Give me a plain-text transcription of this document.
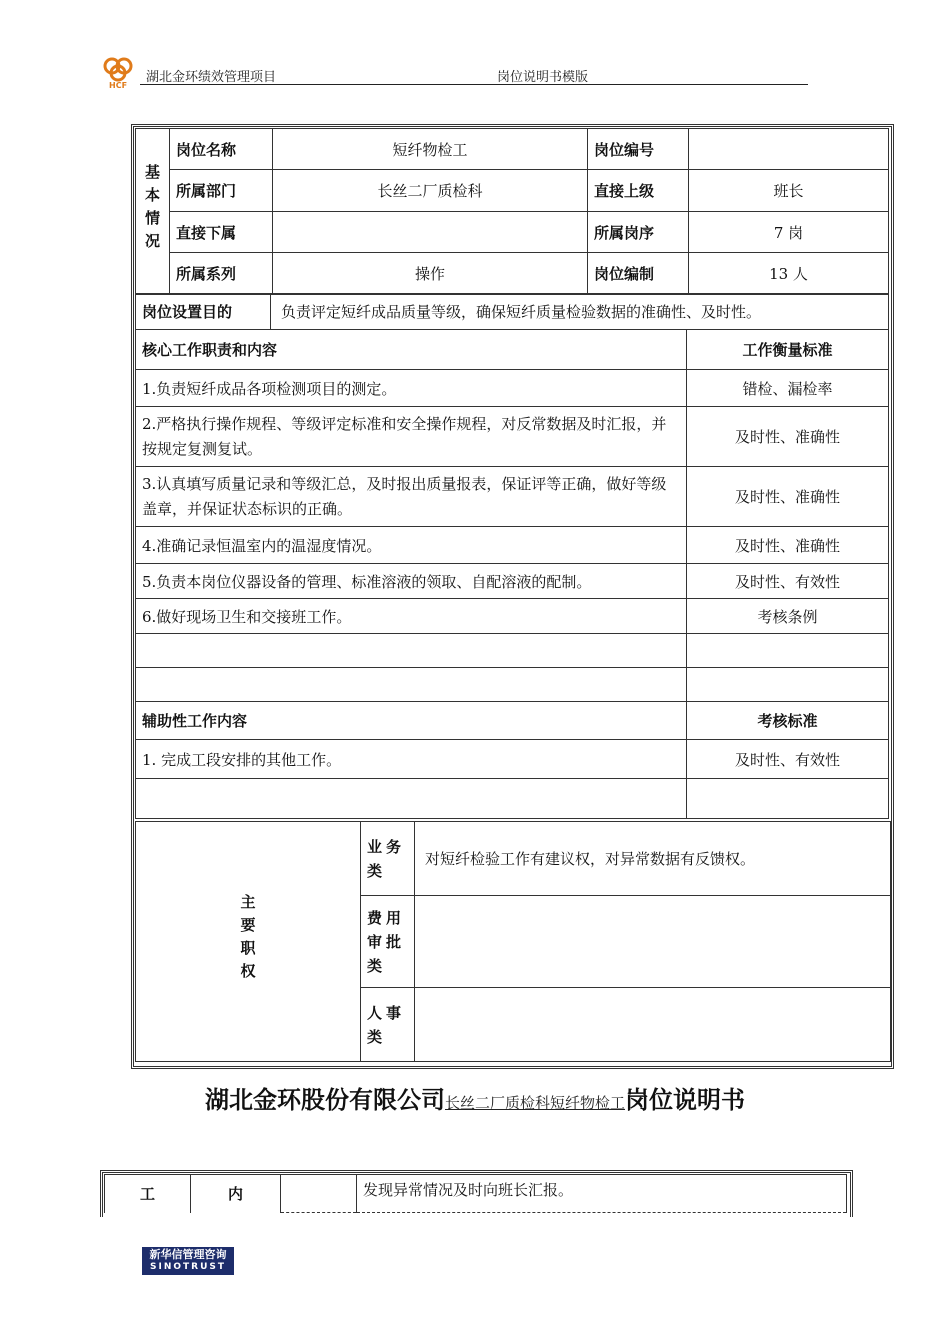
HCF
湖北金环绩效管理项目	岗位说明书模版
基本情况	岗位名称	短纤物检工	岗位编号	
	所属部门	长丝二厂质检科	直接上级	班长
	直接下属		所属岗序	7 岗
	所属系列	操作	岗位编制	13 人
岗位设置目的	负责评定短纤成品质量等级，确保短纤质量检验数据的准确性、及时性。	
核心工作职责和内容		工作衡量标准
1.负责短纤成品各项检测项目的测定。		错检、漏检率
2.严格执行操作规程、等级评定标准和安全操作规程，对反常数据及时汇报，并按规定复测复试。		及时性、准确性
3.认真填写质量记录和等级汇总，及时报出质量报表，保证评等正确，做好等级盖章，并保证状态标识的正确。		及时性、准确性
4.准确记录恒温室内的温湿度情况。		及时性、准确性
5.负责本岗位仪器设备的管理、标准溶液的领取、自配溶液的配制。		及时性、有效性
6.做好现场卫生和交接班工作。		考核条例

辅助性工作内容		考核标准
1. 完成工段安排的其他工作。		及时性、有效性

主要职权	业务类	对短纤检验工作有建议权，对异常数据有反馈权。
	费用审批类	
	人事类	
湖北金环股份有限公司长丝二厂质检科短纤物检工岗位说明书
工	内		发现异常情况及时向班长汇报。
新华信管理咨询
SINOTRUST
